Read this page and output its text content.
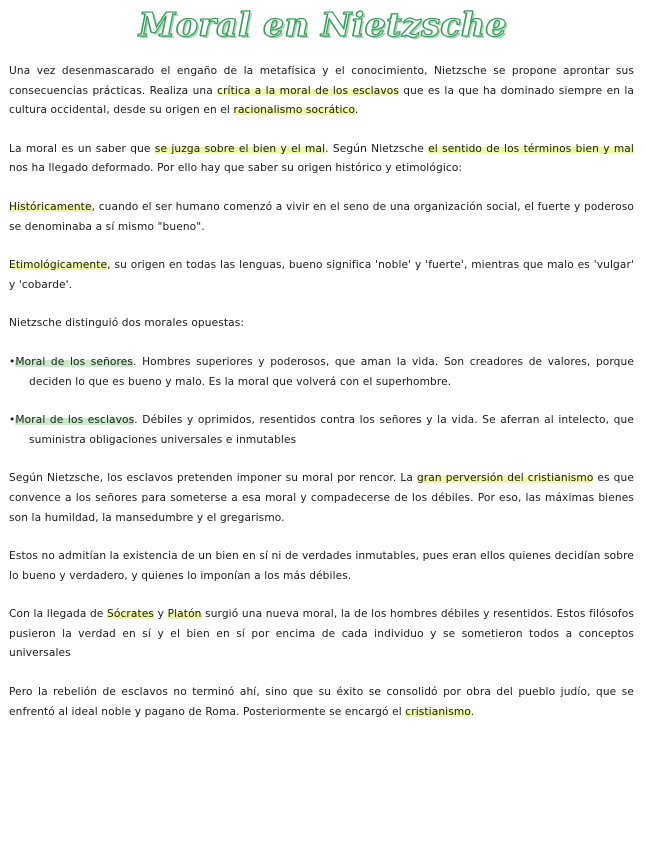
Moral en Nietzsche

Una vez desenmascarado el engaño de la metafísica y el conocimiento, Nietzsche se propone aprontar sus consecuencias prácticas. Realiza una crítica a la moral de los esclavos que es la que ha dominado siempre en la cultura occidental, desde su origen en el racionalismo socrático.

La moral es un saber que se juzga sobre el bien y el mal. Según Nietzsche el sentido de los términos bien y mal nos ha llegado deformado. Por ello hay que saber su origen histórico y etimológico:

Históricamente, cuando el ser humano comenzó a vivir en el seno de una organización social, el fuerte y poderoso se denominaba a sí mismo "bueno".

Etimológicamente, su origen en todas las lenguas, bueno significa 'noble' y 'fuerte', mientras que malo es 'vulgar' y 'cobarde'.

Nietzsche distinguió dos morales opuestas:

•Moral de los señores. Hombres superiores y poderosos, que aman la vida. Son creadores de valores, porque deciden lo que es bueno y malo. Es la moral que volverá con el superhombre.

•Moral de los esclavos. Débiles y oprimidos, resentidos contra los señores y la vida. Se aferran al intelecto, que suministra obligaciones universales e inmutables

Según Nietzsche, los esclavos pretenden imponer su moral por rencor. La gran perversión del cristianismo es que convence a los señores para someterse a esa moral y compadecerse de los débiles. Por eso, las máximas bienes son la humildad, la mansedumbre y el gregarismo.

Estos no admitían la existencia de un bien en sí ni de verdades inmutables, pues eran ellos quienes decidían sobre lo bueno y verdadero, y quienes lo imponían a los más débiles.

Con la llegada de Sócrates y Platón surgió una nueva moral, la de los hombres débiles y resentidos. Estos filósofos pusieron la verdad en sí y el bien en sí por encima de cada individuo y se sometieron todos a conceptos universales

Pero la rebelión de esclavos no terminó ahí, sino que su éxito se consolidó por obra del pueblo judío, que se enfrentó al ideal noble y pagano de Roma. Posteriormente se encargó el cristianismo.
